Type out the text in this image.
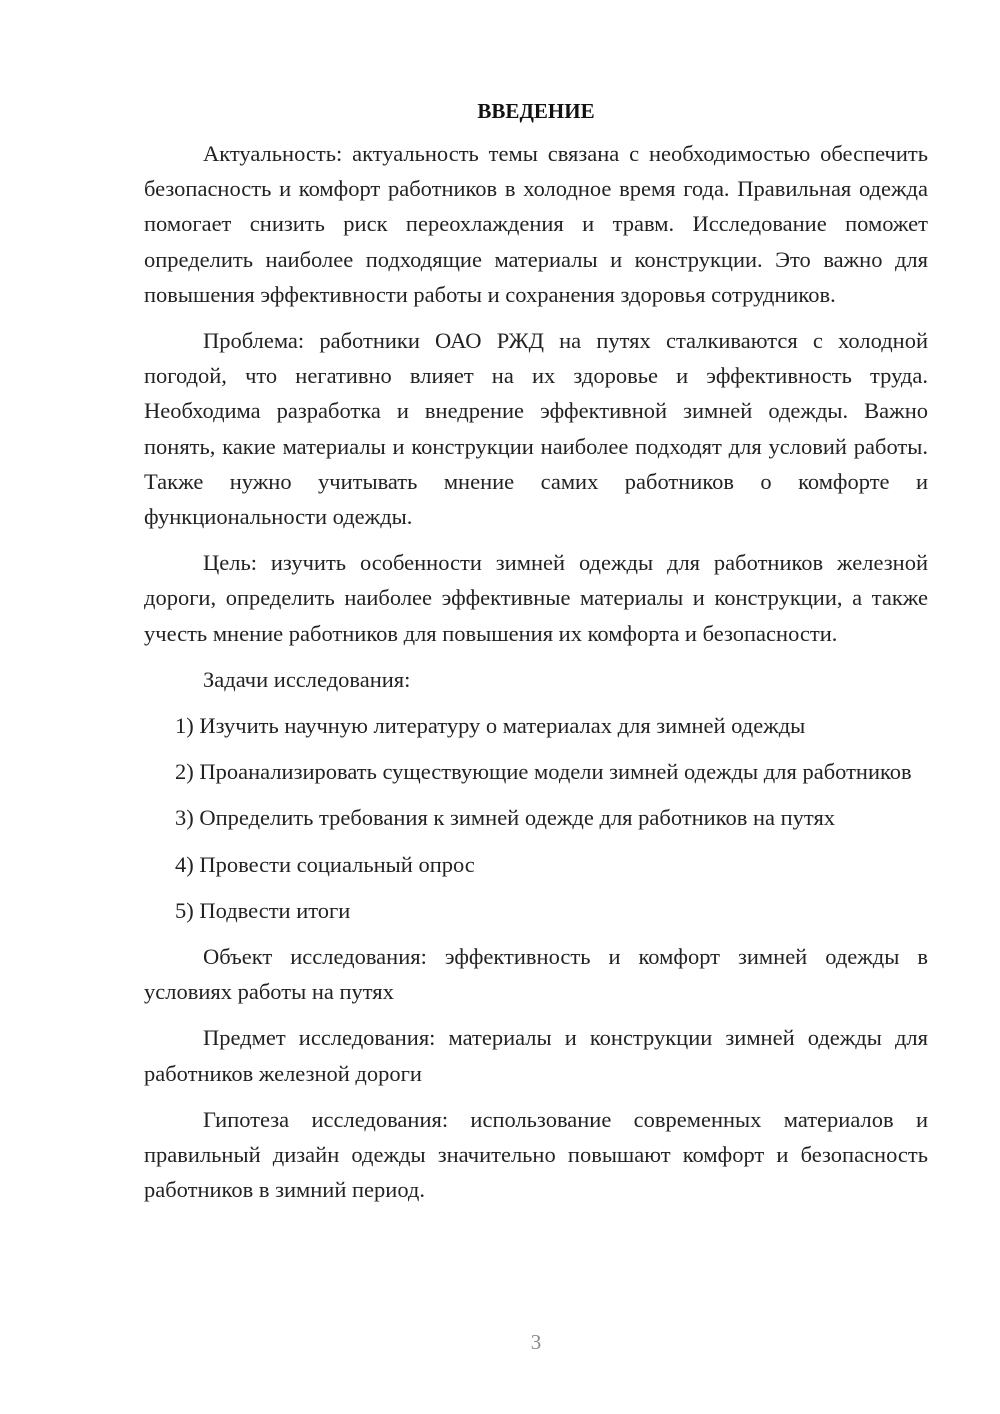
ВВЕДЕНИЕ

Актуальность: актуальность темы связана с необходимостью обеспечить безопасность и комфорт работников в холодное время года. Правильная одежда помогает снизить риск переохлаждения и травм. Исследование поможет определить наиболее подходящие материалы и конструкции. Это важно для повышения эффективности работы и сохранения здоровья сотрудников.

Проблема: работники ОАО РЖД на путях сталкиваются с холодной погодой, что негативно влияет на их здоровье и эффективность труда. Необходима разработка и внедрение эффективной зимней одежды. Важно понять, какие материалы и конструкции наиболее подходят для условий работы. Также нужно учитывать мнение самих работников о комфорте и функциональности одежды.

Цель: изучить особенности зимней одежды для работников железной дороги, определить наиболее эффективные материалы и конструкции, а также учесть мнение работников для повышения их комфорта и безопасности.

Задачи исследования:

1) Изучить научную литературу о материалах для зимней одежды

2) Проанализировать существующие модели зимней одежды для работников

3) Определить требования к зимней одежде для работников на путях

4) Провести социальный опрос

5) Подвести итоги

Объект исследования: эффективность и комфорт зимней одежды в условиях работы на путях

Предмет исследования: материалы и конструкции зимней одежды для работников железной дороги

Гипотеза исследования: использование современных материалов и правильный дизайн одежды значительно повышают комфорт и безопасность работников в зимний период.

3
